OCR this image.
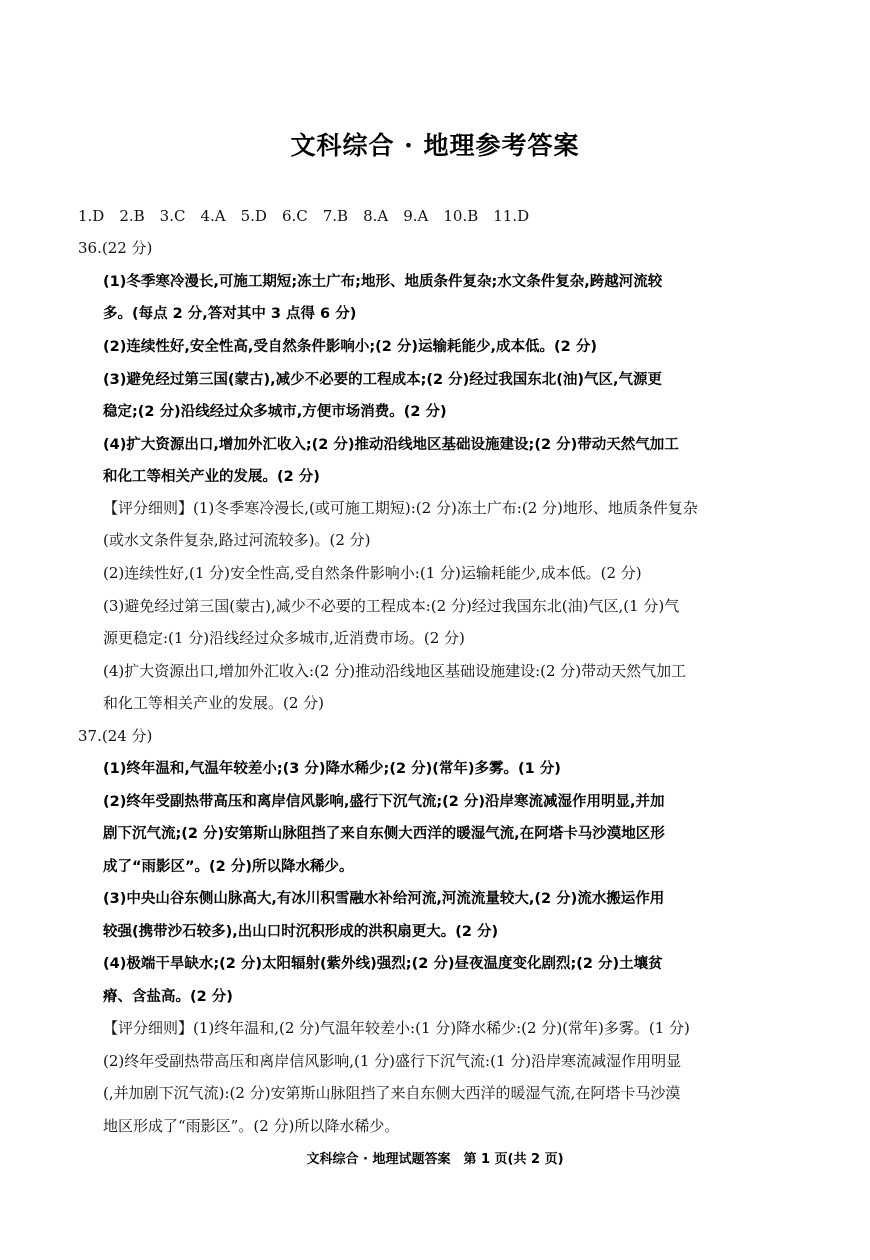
文科综合 · 地理参考答案
1.D　2.B　3.C　4.A　5.D　6.C　7.B　8.A　9.A　10.B　11.D
36.(22 分)
(1)冬季寒冷漫长,可施工期短;冻土广布;地形、地质条件复杂;水文条件复杂,跨越河流较
多。(每点 2 分,答对其中 3 点得 6 分)
(2)连续性好,安全性高,受自然条件影响小;(2 分)运输耗能少,成本低。(2 分)
(3)避免经过第三国(蒙古),减少不必要的工程成本;(2 分)经过我国东北(油)气区,气源更
稳定;(2 分)沿线经过众多城市,方便市场消费。(2 分)
(4)扩大资源出口,增加外汇收入;(2 分)推动沿线地区基础设施建设;(2 分)带动天然气加工
和化工等相关产业的发展。(2 分)
【评分细则】(1)冬季寒冷漫长,(或可施工期短):(2 分)冻土广布:(2 分)地形、地质条件复杂
(或水文条件复杂,路过河流较多)。(2 分)
(2)连续性好,(1 分)安全性高,受自然条件影响小:(1 分)运输耗能少,成本低。(2 分)
(3)避免经过第三国(蒙古),减少不必要的工程成本:(2 分)经过我国东北(油)气区,(1 分)气
源更稳定:(1 分)沿线经过众多城市,近消费市场。(2 分)
(4)扩大资源出口,增加外汇收入:(2 分)推动沿线地区基础设施建设:(2 分)带动天然气加工
和化工等相关产业的发展。(2 分)
37.(24 分)
(1)终年温和,气温年较差小;(3 分)降水稀少;(2 分)(常年)多雾。(1 分)
(2)终年受副热带高压和离岸信风影响,盛行下沉气流;(2 分)沿岸寒流减湿作用明显,并加
剧下沉气流;(2 分)安第斯山脉阻挡了来自东侧大西洋的暖湿气流,在阿塔卡马沙漠地区形
成了“雨影区”。(2 分)所以降水稀少。
(3)中央山谷东侧山脉高大,有冰川积雪融水补给河流,河流流量较大,(2 分)流水搬运作用
较强(携带沙石较多),出山口时沉积形成的洪积扇更大。(2 分)
(4)极端干旱缺水;(2 分)太阳辐射(紫外线)强烈;(2 分)昼夜温度变化剧烈;(2 分)土壤贫
瘠、含盐高。(2 分)
【评分细则】(1)终年温和,(2 分)气温年较差小:(1 分)降水稀少:(2 分)(常年)多雾。(1 分)
(2)终年受副热带高压和离岸信风影响,(1 分)盛行下沉气流:(1 分)沿岸寒流减湿作用明显
(,并加剧下沉气流):(2 分)安第斯山脉阻挡了来自东侧大西洋的暖湿气流,在阿塔卡马沙漠
地区形成了“雨影区”。(2 分)所以降水稀少。
文科综合 · 地理试题答案　第 1 页(共 2 页)
